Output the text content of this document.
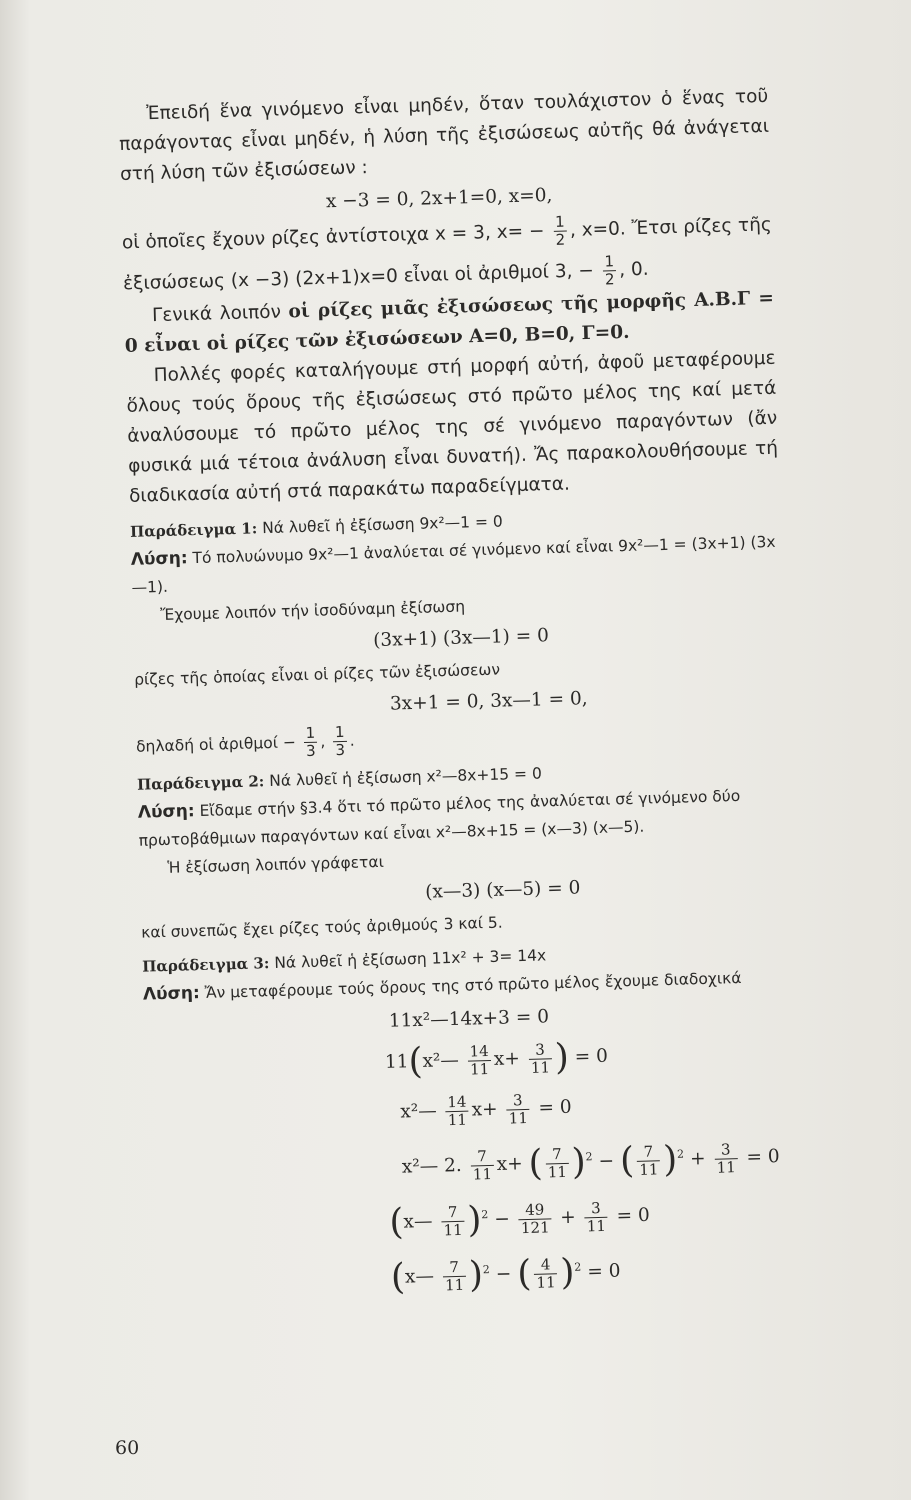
Ἐπειδή ἕνα γινόμενο εἶναι μηδέν, ὅταν τουλάχιστον ὁ ἕνας τοῦ παράγοντας εἶναι μηδέν, ἡ λύση τῆς ἐξισώσεως αὐτῆς θά ἀνάγεται στή λύση τῶν ἐξισώσεων :

x −3 = 0, 2x+1=0, x=0,

οἱ ὁποῖες ἔχουν ρίζες ἀντίστοιχα x = 3, $x= - \frac{1}{2}$ , x=0. Ἔτσι ρίζες τῆς

ἐξισώσεως (x −3) (2x+1)x=0 εἶναι οἱ ἀριθμοί 3, − $\frac{1}{2}$ , 0.

Γενικά λοιπόν οἱ ρίζες μιᾶς ἐξισώσεως τῆς μορφῆς Α.Β.Γ = 0 εἶναι οἱ ρίζες τῶν ἐξισώσεων Α=0, Β=0, Γ=0.

Πολλές φορές καταλήγουμε στή μορφή αὐτή, ἀφοῦ μεταφέρουμε ὅλους τούς ὅρους τῆς ἐξισώσεως στό πρῶτο μέλος της καί μετά ἀναλύσουμε τό πρῶτο μέλος της σέ γινόμενο παραγόντων (ἄν φυσικά μιά τέτοια ἀνάλυση εἶναι δυνατή). Ἄς παρακολουθήσουμε τή διαδικασία αὐτή στά παρακάτω παραδείγματα.

Παράδειγμα 1: Νά λυθεῖ ἡ ἐξίσωση 9x²—1 = 0

Λύση: Τό πολυώνυμο 9x²—1 ἀναλύεται σέ γινόμενο καί εἶναι 9x²—1 = (3x+1) (3x—1).

Ἔχουμε λοιπόν τήν ἰσοδύναμη ἐξίσωση

(3x+1) (3x—1) = 0

ρίζες τῆς ὁποίας εἶναι οἱ ρίζες τῶν ἐξισώσεων

3x+1 = 0, 3x—1 = 0,

δηλαδή οἱ ἀριθμοί − $\frac{1}{3}$ , $\frac{1}{3}$ .

Παράδειγμα 2: Νά λυθεῖ ἡ ἐξίσωση x²—8x+15 = 0

Λύση: Εἴδαμε στήν §3.4 ὅτι τό πρῶτο μέλος της ἀναλύεται σέ γινόμενο δύο πρωτοβάθμιων παραγόντων καί εἶναι x²—8x+15 = (x—3) (x—5).

Ἡ ἐξίσωση λοιπόν γράφεται

(x—3) (x—5) = 0

καί συνεπῶς ἔχει ρίζες τούς ἀριθμούς 3 καί 5.

Παράδειγμα 3: Νά λυθεῖ ἡ ἐξίσωση 11x² + 3= 14x

Λύση: Ἄν μεταφέρουμε τούς ὅρους της στό πρῶτο μέλος ἔχουμε διαδοχικά

11x²—14x+3 = 0
11(x²— $\frac{14}{11} x+ \frac{3}{11}$ ) = 0
x²— $\frac{14}{11} x+ \frac{3}{11} = 0$
x²— 2. $\frac{7}{11} x+$ ( $\frac{7}{11} )^2$ − ( $\frac{7}{11} )^2 + \frac{3}{11} = 0$
(x— $\frac{7}{11} )^2 - \frac{49}{121} + \frac{3}{11} = 0$
(x— $\frac{7}{11} )^2$ − ( $\frac{4}{11} )^2 = 0$
60
